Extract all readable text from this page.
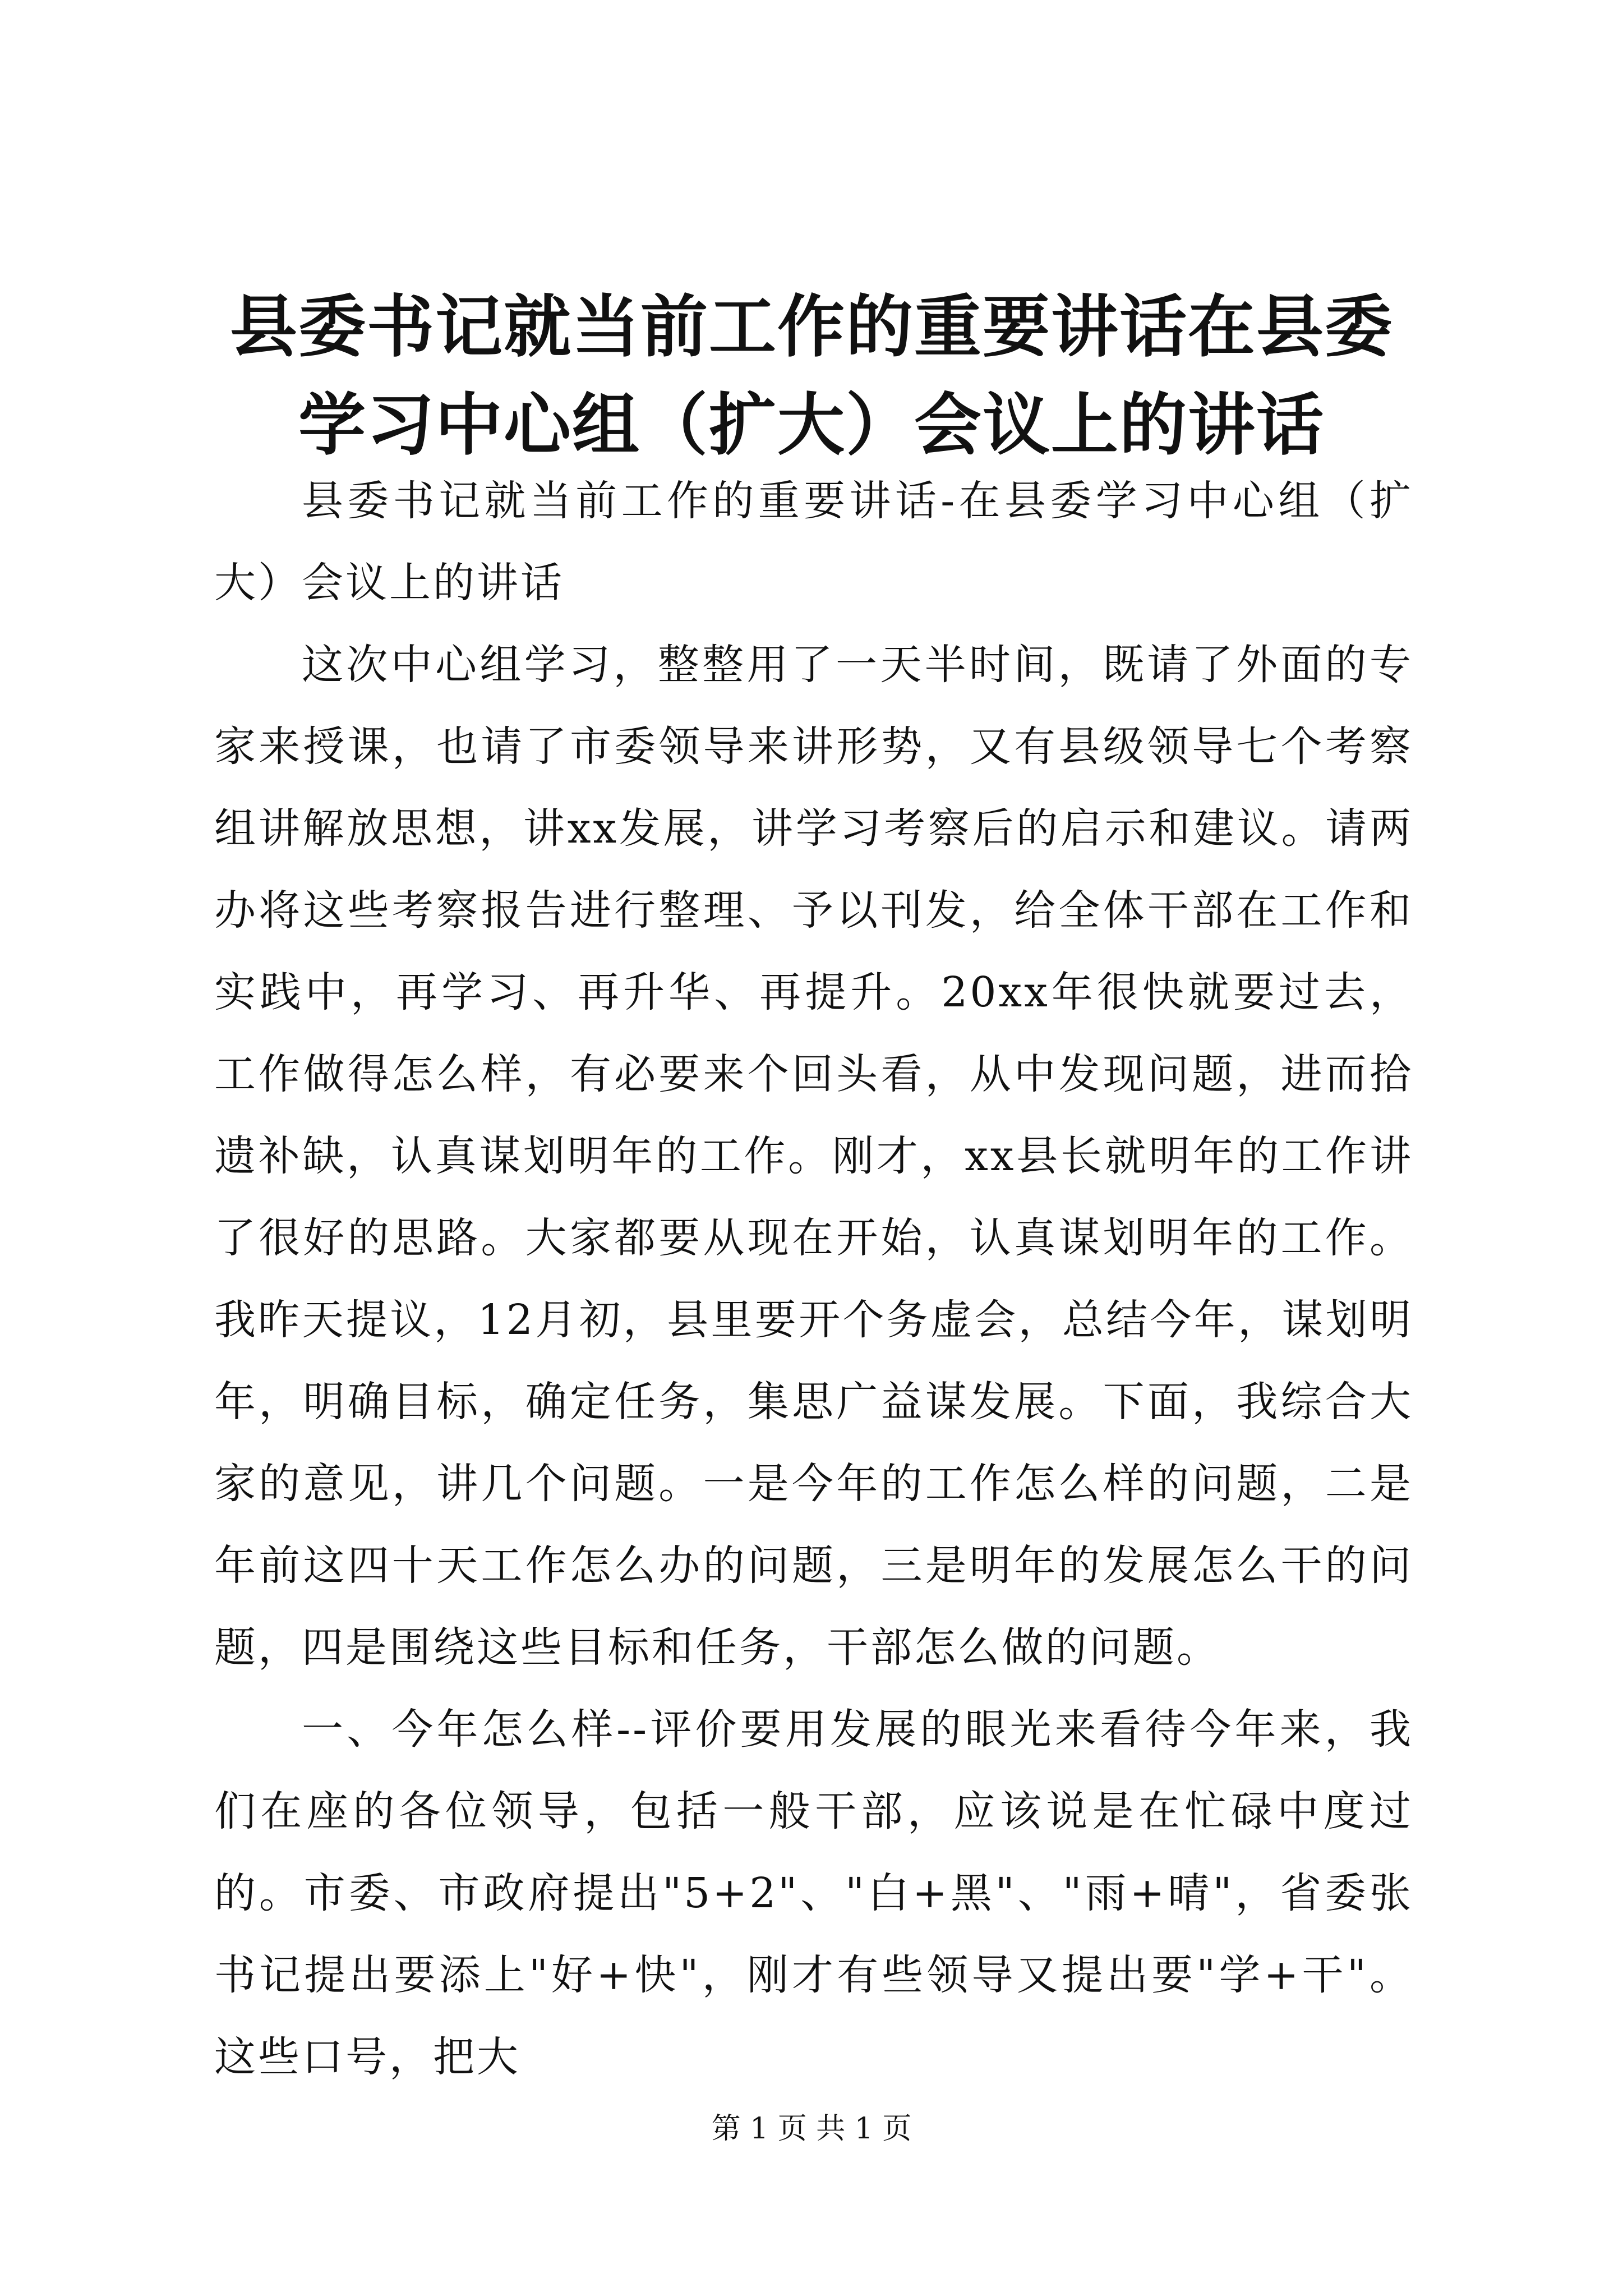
县委书记就当前工作的重要讲话在县委学习中心组（扩大）会议上的讲话

县委书记就当前工作的重要讲话-在县委学习中心组（扩大）会议上的讲话

这次中心组学习，整整用了一天半时间，既请了外面的专家来授课，也请了市委领导来讲形势，又有县级领导七个考察组讲解放思想，讲xx发展，讲学习考察后的启示和建议。请两办将这些考察报告进行整理、予以刊发，给全体干部在工作和实践中，再学习、再升华、再提升。20xx年很快就要过去，工作做得怎么样，有必要来个回头看，从中发现问题，进而拾遗补缺，认真谋划明年的工作。刚才，xx县长就明年的工作讲了很好的思路。大家都要从现在开始，认真谋划明年的工作。我昨天提议，12月初，县里要开个务虚会，总结今年，谋划明年，明确目标，确定任务，集思广益谋发展。下面，我综合大家的意见，讲几个问题。一是今年的工作怎么样的问题，二是年前这四十天工作怎么办的问题，三是明年的发展怎么干的问题，四是围绕这些目标和任务，干部怎么做的问题。

一、今年怎么样--评价要用发展的眼光来看待今年来，我们在座的各位领导，包括一般干部，应该说是在忙碌中度过的。市委、市政府提出"5+2"、"白+黑"、"雨+晴"，省委张书记提出要添上"好+快"，刚才有些领导又提出要"学+干"。这些口号，把大

第 1 页 共 1 页
